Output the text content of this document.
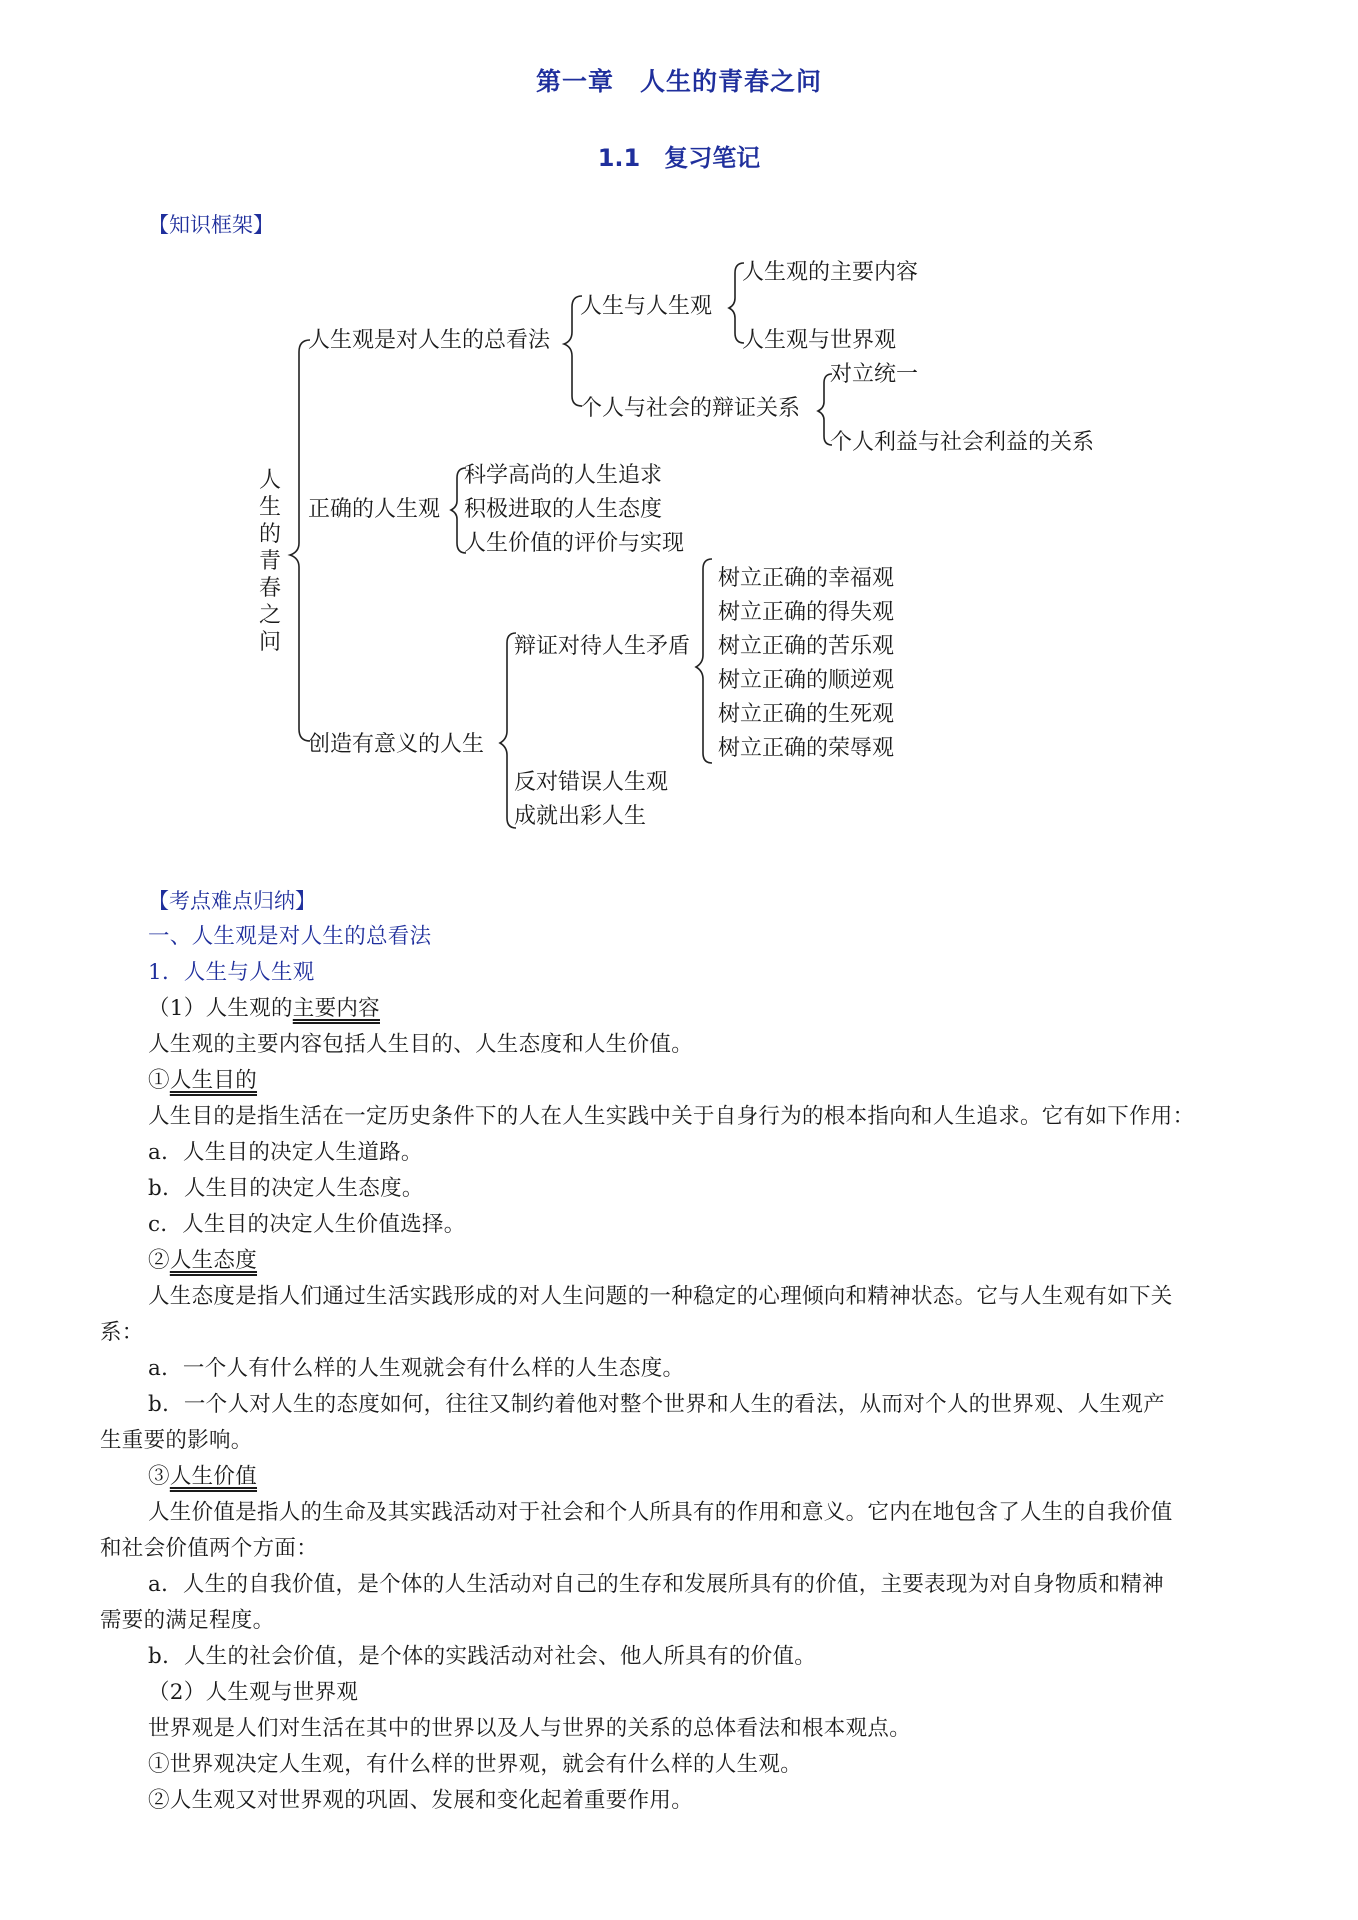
第一章　人生的青春之问
1.1　复习笔记
【知识框架】
人
生
的
青
春
之
问
人生观是对人生的总看法
人生与人生观
人生观的主要内容
人生观与世界观
个人与社会的辩证关系
对立统一
个人利益与社会利益的关系
正确的人生观
科学高尚的人生追求
积极进取的人生态度
人生价值的评价与实现
创造有意义的人生
辩证对待人生矛盾
树立正确的幸福观
树立正确的得失观
树立正确的苦乐观
树立正确的顺逆观
树立正确的生死观
树立正确的荣辱观
反对错误人生观
成就出彩人生
【考点难点归纳】
一、人生观是对人生的总看法
1．人生与人生观
（1）人生观的主要内容
人生观的主要内容包括人生目的、人生态度和人生价值。
①人生目的
人生目的是指生活在一定历史条件下的人在人生实践中关于自身行为的根本指向和人生追求。它有如下作用：
a．人生目的决定人生道路。
b．人生目的决定人生态度。
c．人生目的决定人生价值选择。
②人生态度
人生态度是指人们通过生活实践形成的对人生问题的一种稳定的心理倾向和精神状态。它与人生观有如下关
系：
a．一个人有什么样的人生观就会有什么样的人生态度。
b．一个人对人生的态度如何，往往又制约着他对整个世界和人生的看法，从而对个人的世界观、人生观产
生重要的影响。
③人生价值
人生价值是指人的生命及其实践活动对于社会和个人所具有的作用和意义。它内在地包含了人生的自我价值
和社会价值两个方面：
a．人生的自我价值，是个体的人生活动对自己的生存和发展所具有的价值，主要表现为对自身物质和精神
需要的满足程度。
b．人生的社会价值，是个体的实践活动对社会、他人所具有的价值。
（2）人生观与世界观
世界观是人们对生活在其中的世界以及人与世界的关系的总体看法和根本观点。
①世界观决定人生观，有什么样的世界观，就会有什么样的人生观。
②人生观又对世界观的巩固、发展和变化起着重要作用。
